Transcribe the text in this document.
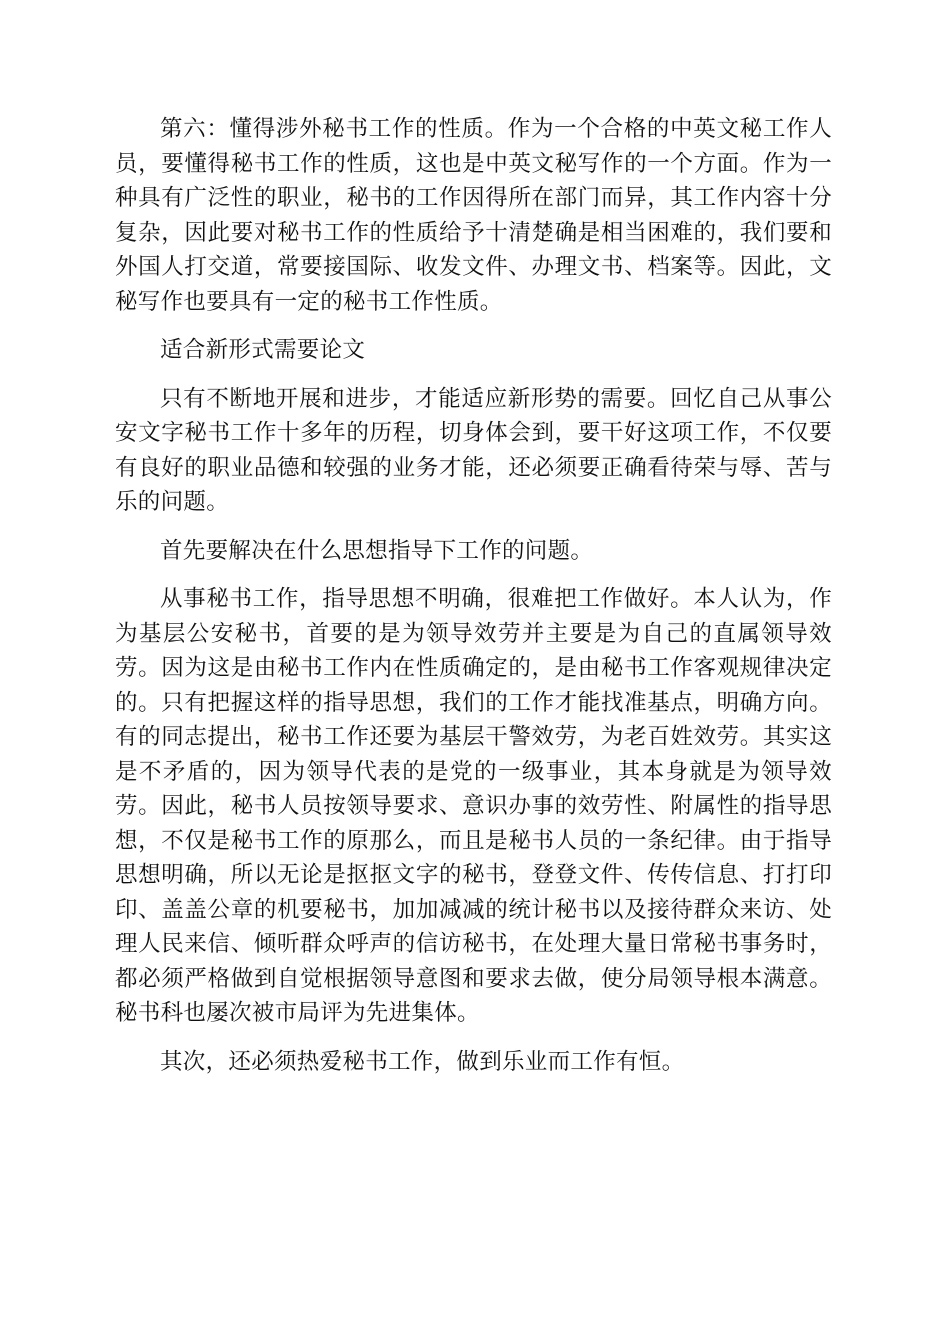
第六：懂得涉外秘书工作的性质。作为一个合格的中英文秘工作人员，要懂得秘书工作的性质，这也是中英文秘写作的一个方面。作为一种具有广泛性的职业，秘书的工作因得所在部门而异，其工作内容十分复杂，因此要对秘书工作的性质给予十清楚确是相当困难的，我们要和外国人打交道，常要接国际、收发文件、办理文书、档案等。因此，文秘写作也要具有一定的秘书工作性质。

适合新形式需要论文

只有不断地开展和进步，才能适应新形势的需要。回忆自己从事公安文字秘书工作十多年的历程，切身体会到，要干好这项工作，不仅要有良好的职业品德和较强的业务才能，还必须要正确看待荣与辱、苦与乐的问题。

首先要解决在什么思想指导下工作的问题。

从事秘书工作，指导思想不明确，很难把工作做好。本人认为，作为基层公安秘书，首要的是为领导效劳并主要是为自己的直属领导效劳。因为这是由秘书工作内在性质确定的，是由秘书工作客观规律决定的。只有把握这样的指导思想，我们的工作才能找准基点，明确方向。有的同志提出，秘书工作还要为基层干警效劳，为老百姓效劳。其实这是不矛盾的，因为领导代表的是党的一级事业，其本身就是为领导效劳。因此，秘书人员按领导要求、意识办事的效劳性、附属性的指导思想，不仅是秘书工作的原那么，而且是秘书人员的一条纪律。由于指导思想明确，所以无论是抠抠文字的秘书，登登文件、传传信息、打打印印、盖盖公章的机要秘书，加加减减的统计秘书以及接待群众来访、处理人民来信、倾听群众呼声的信访秘书，在处理大量日常秘书事务时，都必须严格做到自觉根据领导意图和要求去做，使分局领导根本满意。秘书科也屡次被市局评为先进集体。

其次，还必须热爱秘书工作，做到乐业而工作有恒。
